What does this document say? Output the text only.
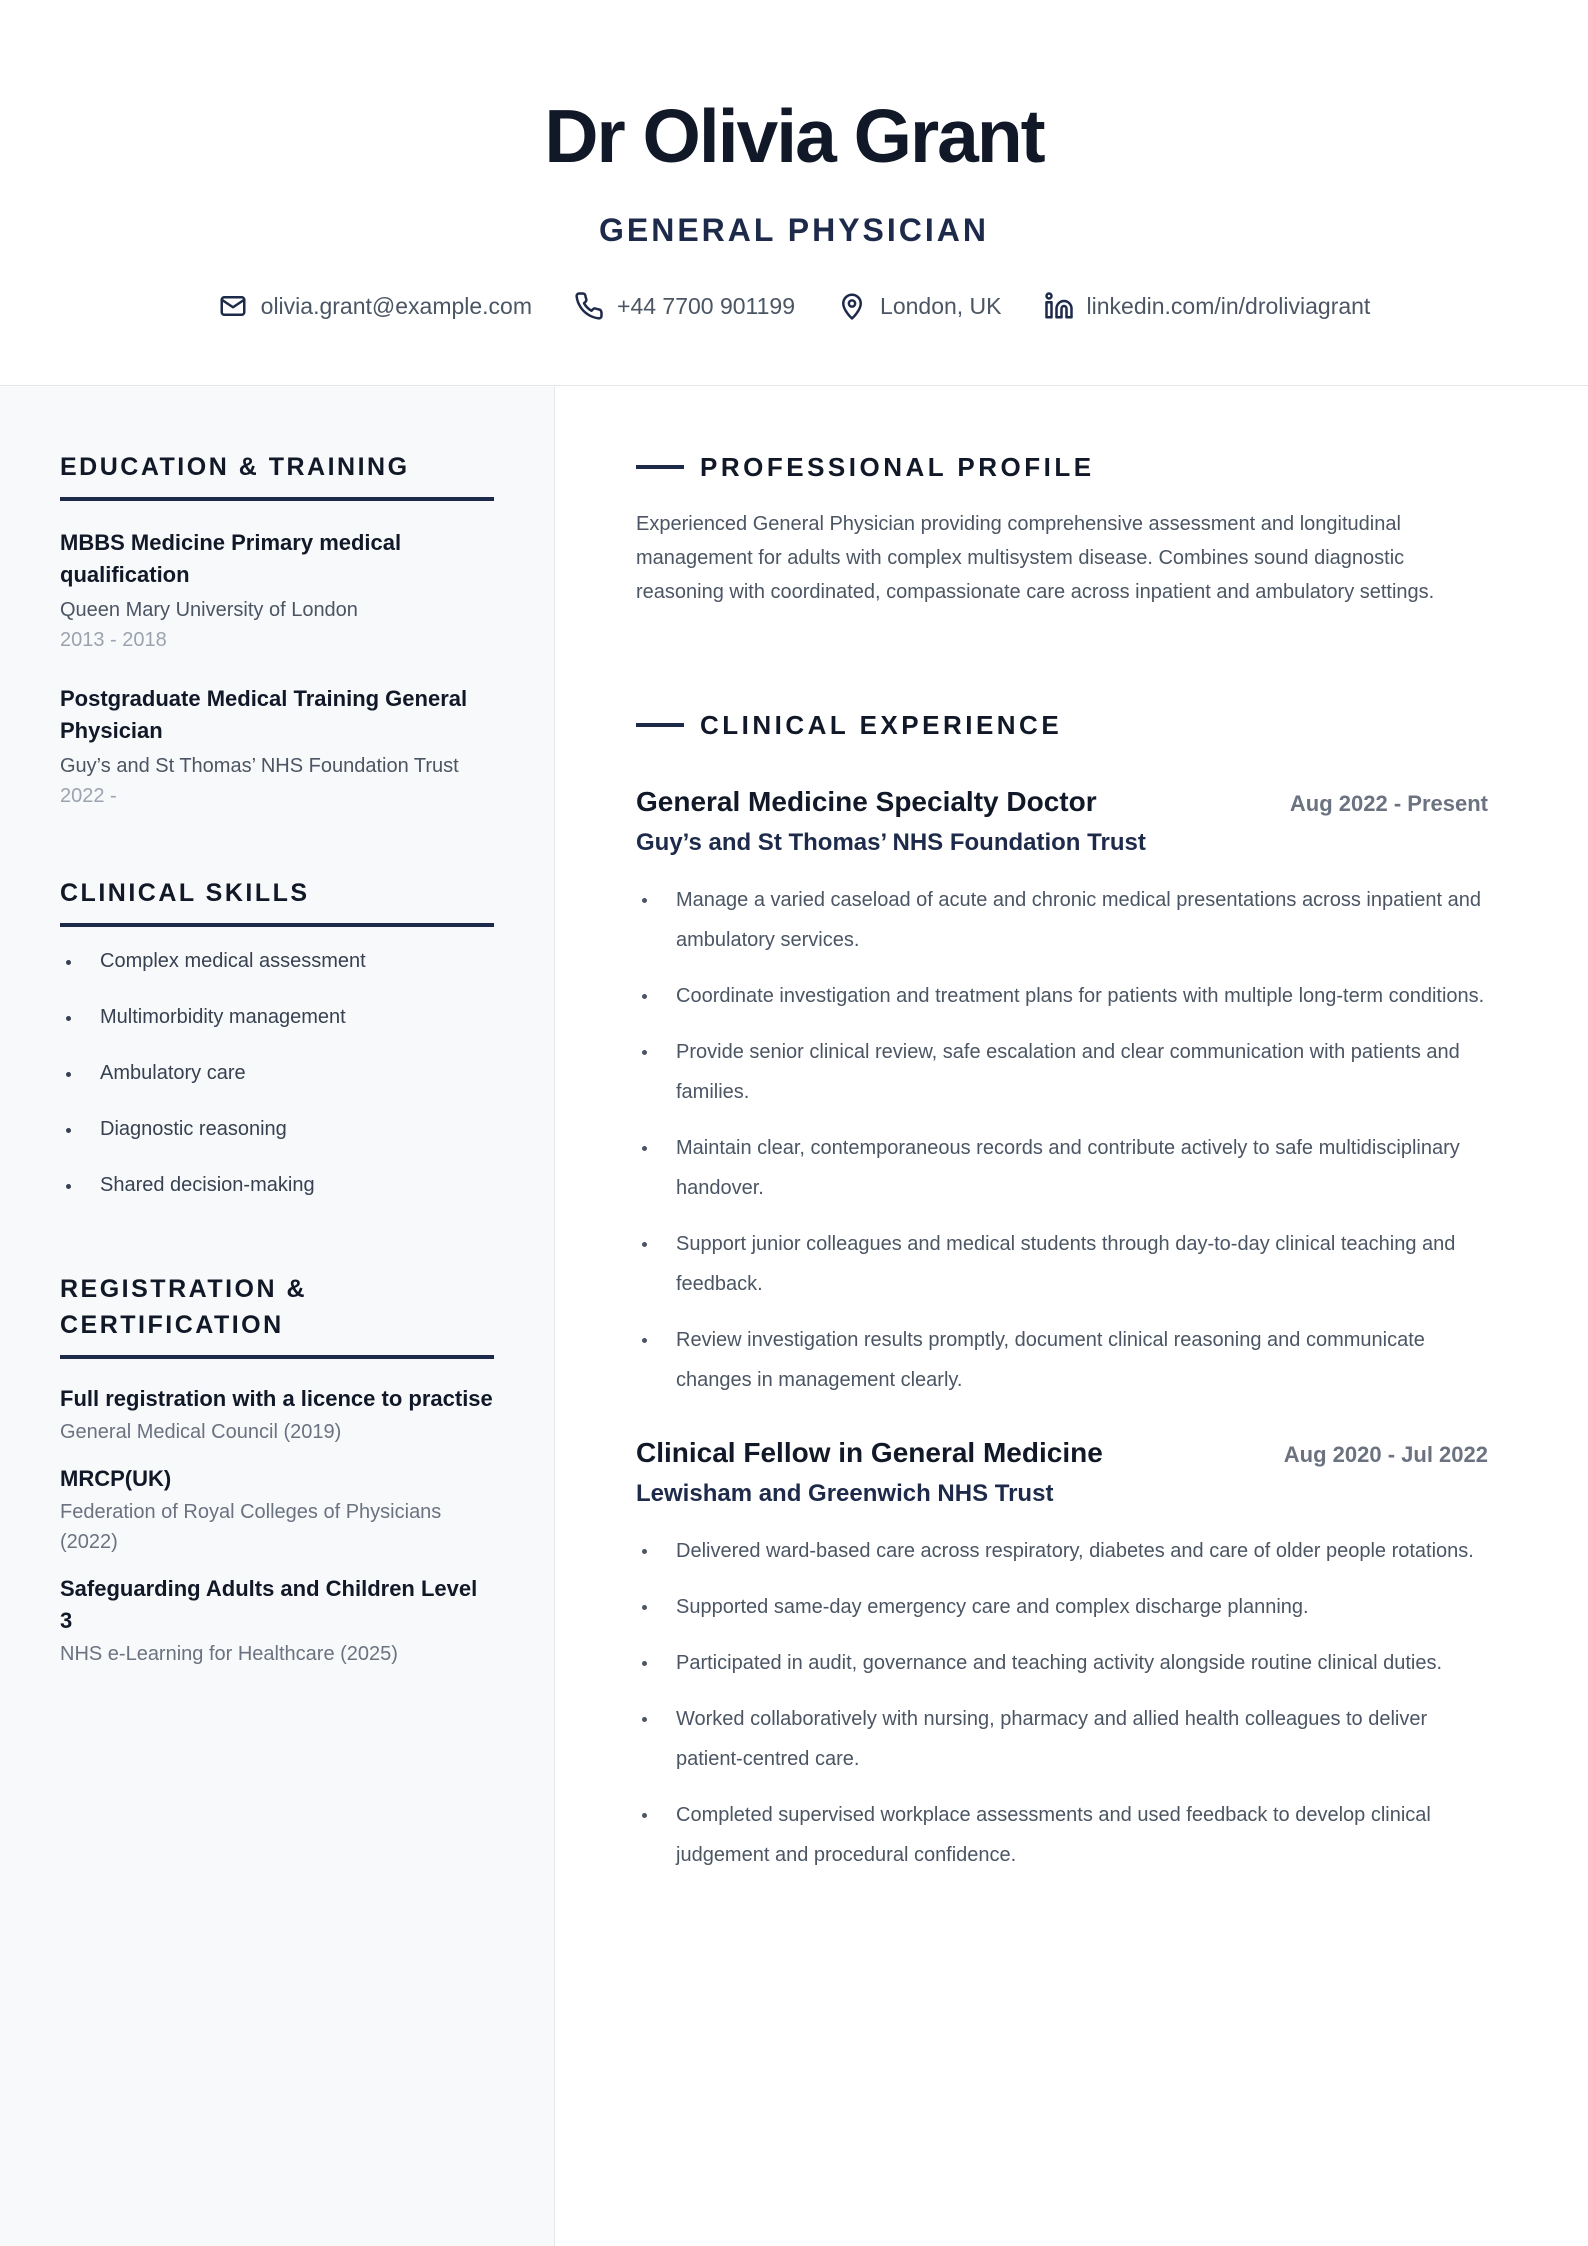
Dr Olivia Grant
GENERAL PHYSICIAN
olivia.grant@example.com	+44 7700 901199	London, UK	linkedin.com/in/droliviagrant
EDUCATION & TRAINING
MBBS Medicine Primary medical qualification
Queen Mary University of London
2013 - 2018
Postgraduate Medical Training General Physician
Guy’s and St Thomas’ NHS Foundation Trust
2022 -
CLINICAL SKILLS
Complex medical assessment
Multimorbidity management
Ambulatory care
Diagnostic reasoning
Shared decision-making
REGISTRATION & CERTIFICATION
Full registration with a licence to practise
General Medical Council (2019)
MRCP(UK)
Federation of Royal Colleges of Physicians (2022)
Safeguarding Adults and Children Level 3
NHS e-Learning for Healthcare (2025)
PROFESSIONAL PROFILE

Experienced General Physician providing comprehensive assessment and longitudinal management for adults with complex multisystem disease. Combines sound diagnostic reasoning with coordinated, compassionate care across inpatient and ambulatory settings.

CLINICAL EXPERIENCE
General Medicine Specialty Doctor	Aug 2022 - Present
Guy’s and St Thomas’ NHS Foundation Trust
Manage a varied caseload of acute and chronic medical presentations across inpatient and ambulatory services.
Coordinate investigation and treatment plans for patients with multiple long-term conditions.
Provide senior clinical review, safe escalation and clear communication with patients and families.
Maintain clear, contemporaneous records and contribute actively to safe multidisciplinary handover.
Support junior colleagues and medical students through day-to-day clinical teaching and feedback.
Review investigation results promptly, document clinical reasoning and communicate changes in management clearly.
Clinical Fellow in General Medicine	Aug 2020 - Jul 2022
Lewisham and Greenwich NHS Trust
Delivered ward-based care across respiratory, diabetes and care of older people rotations.
Supported same-day emergency care and complex discharge planning.
Participated in audit, governance and teaching activity alongside routine clinical duties.
Worked collaboratively with nursing, pharmacy and allied health colleagues to deliver patient-centred care.
Completed supervised workplace assessments and used feedback to develop clinical judgement and procedural confidence.
